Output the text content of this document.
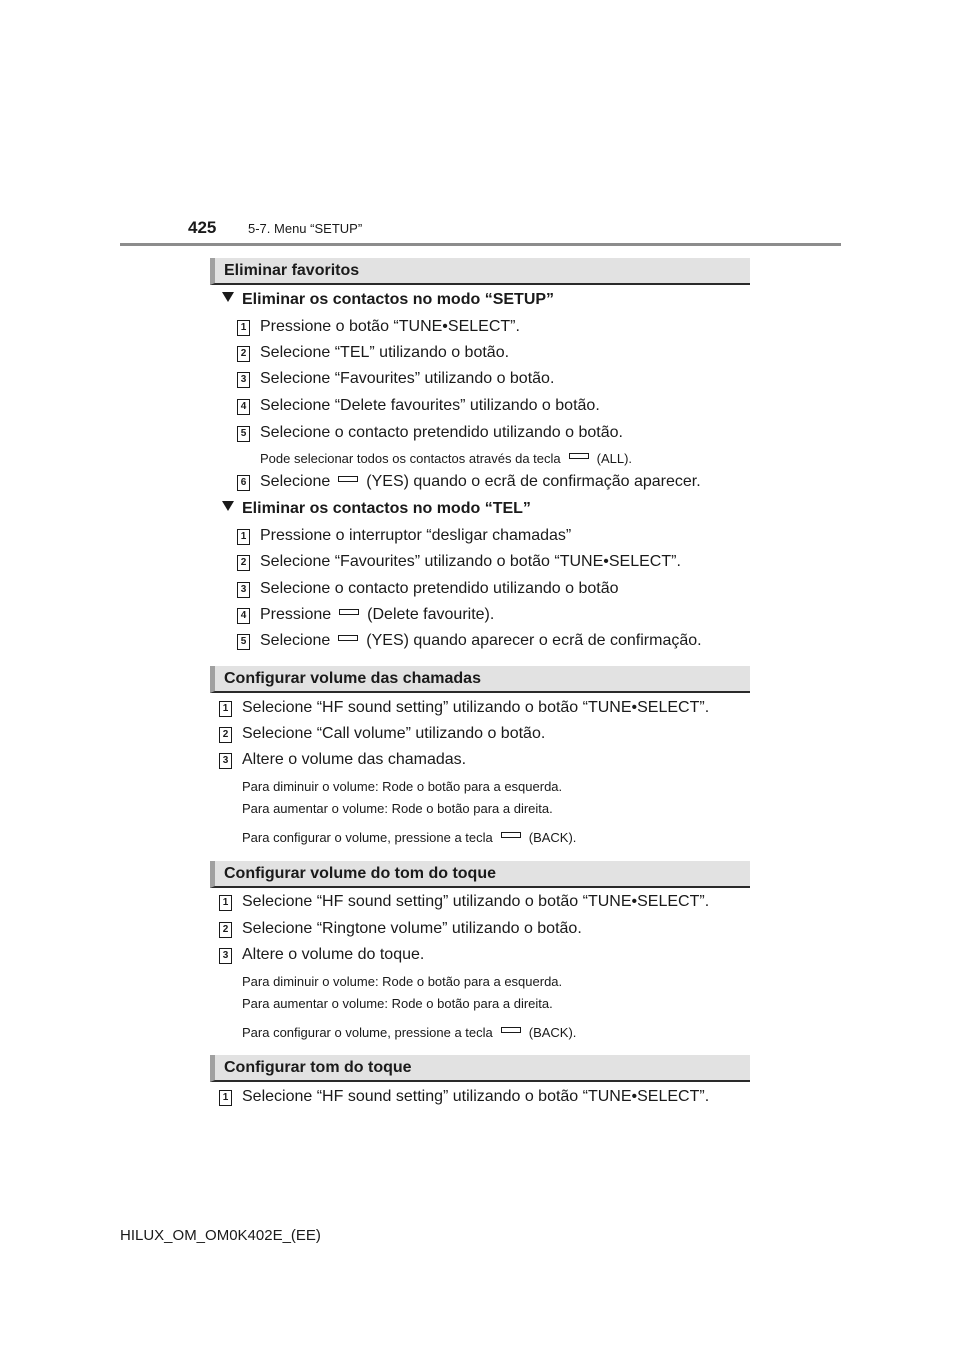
425 5-7. Menu “SETUP”
Eliminar favoritos
Eliminar os contactos no modo “SETUP”
1 Pressione o botão “TUNE•SELECT”.
2 Selecione “TEL” utilizando o botão.
3 Selecione “Favourites” utilizando o botão.
4 Selecione “Delete favourites” utilizando o botão.
5 Selecione o contacto pretendido utilizando o botão.
Pode selecionar todos os contactos através da tecla	(ALL).
6 Selecione (YES) quando o ecrã de confirmação aparecer.
Eliminar os contactos no modo “TEL”
1 Pressione o interruptor “desligar chamadas”
2 Selecione “Favourites” utilizando o botão “TUNE•SELECT”.
3 Selecione o contacto pretendido utilizando o botão
4 Pressione (Delete favourite).
5 Selecione (YES) quando aparecer o ecrã de confirmação.
Configurar volume das chamadas
1 Selecione “HF sound setting” utilizando o botão “TUNE•SELECT”.
2 Selecione “Call volume” utilizando o botão.
3 Altere o volume das chamadas.
Para diminuir o volume: Rode o botão para a esquerda.
Para aumentar o volume: Rode o botão para a direita.
Para configurar o volume, pressione a tecla	(BACK).
Configurar volume do tom do toque
1 Selecione “HF sound setting” utilizando o botão “TUNE•SELECT”.
2 Selecione “Ringtone volume” utilizando o botão.
3 Altere o volume do toque.
Para diminuir o volume: Rode o botão para a esquerda.
Para aumentar o volume: Rode o botão para a direita.
Para configurar o volume, pressione a tecla	(BACK).
Configurar tom do toque
1 Selecione “HF sound setting” utilizando o botão “TUNE•SELECT”.
HILUX_OM_OM0K402E_(EE)
